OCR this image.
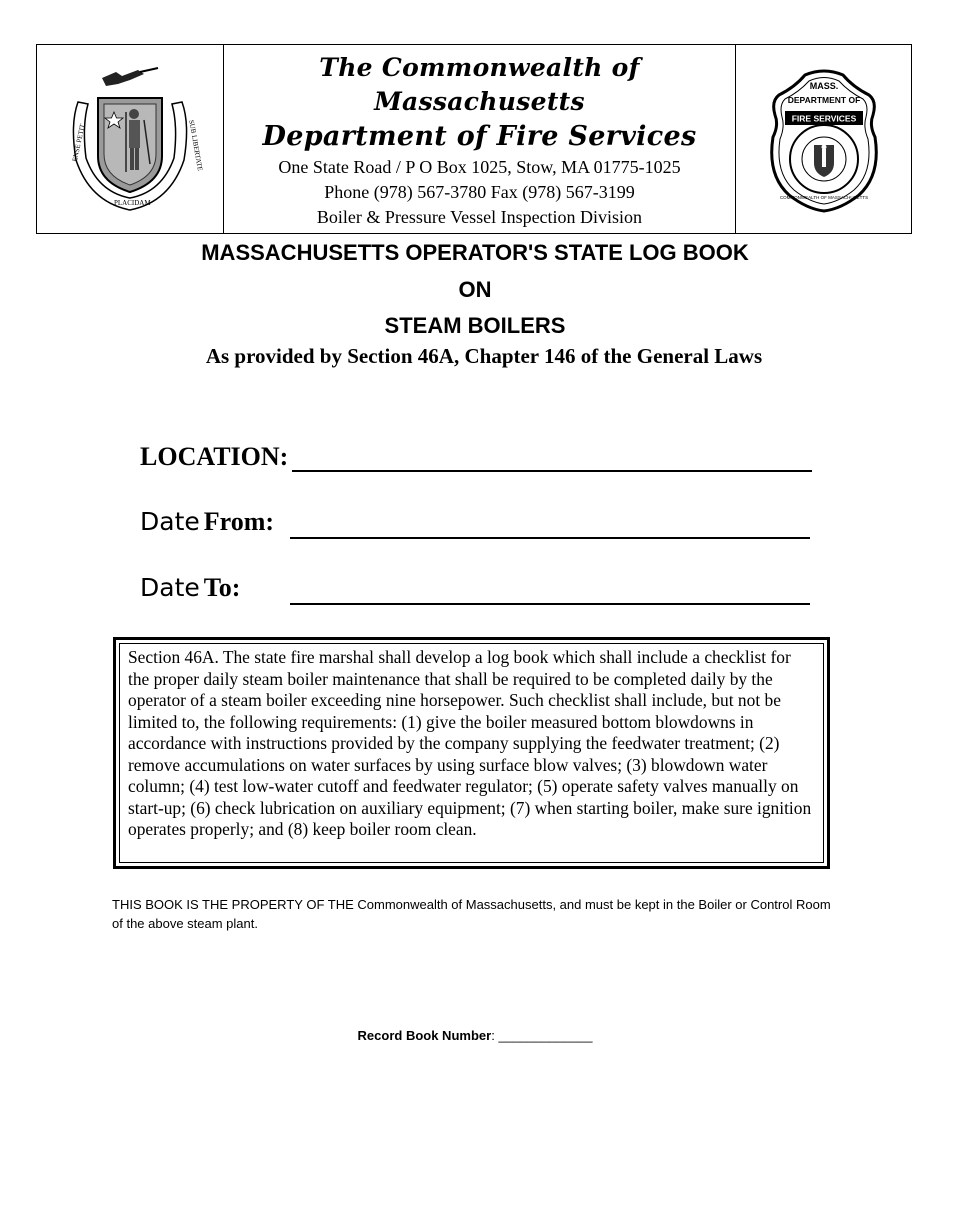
ENSE PETIT
PLACIDAM
SUB LIBERTATE
The Commonwealth of Massachusetts
Department of Fire Services
One State Road / P O Box 1025, Stow, MA 01775-1025
Phone (978) 567-3780 Fax (978) 567-3199
Boiler & Pressure Vessel Inspection Division
MASS.
DEPARTMENT OF
FIRE SERVICES
COMMONWEALTH OF MASSACHUSETTS
MASSACHUSETTS OPERATOR'S STATE LOG BOOK
ON
STEAM BOILERS
As provided by Section 46A, Chapter 146 of the General Laws
LOCATION:
Date From:
Date To:
Section 46A. The state fire marshal shall develop a log book which shall include a checklist for the proper daily steam boiler maintenance that shall be required to be completed daily by the operator of a steam boiler exceeding nine horsepower. Such checklist shall include, but not be limited to, the following requirements: (1) give the boiler measured bottom blowdowns in accordance with instructions provided by the company supplying the feedwater treatment; (2) remove accumulations on water surfaces by using surface blow valves; (3) blowdown water column; (4) test low-water cutoff and feedwater regulator; (5) operate safety valves manually on start-up; (6) check lubrication on auxiliary equipment; (7) when starting boiler, make sure ignition operates properly; and (8) keep boiler room clean.
THIS BOOK IS THE PROPERTY OF THE Commonwealth of Massachusetts, and must be kept in the Boiler or Control Room of the above steam plant.
Record Book Number: _____________
